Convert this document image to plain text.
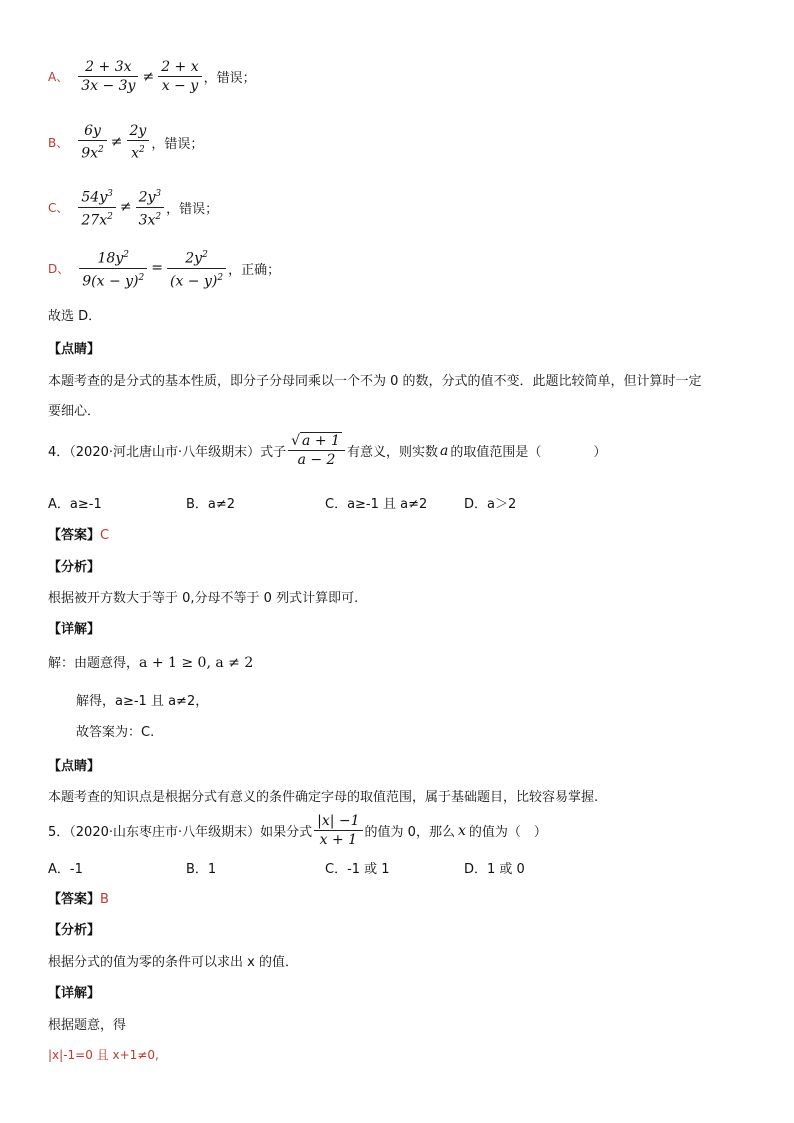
A、 $\frac{2 + 3x}{3x - 3y} \ne \frac{2 + x}{x - y}$ ，错误；
B、 $\frac{6y}{9x^2} \ne \frac{2y}{x^2}$ ，错误；
C、 $\frac{54y^3}{27x^2} \ne \frac{2y^3}{3x^2}$ ，错误；
D、 $\frac{18y^2}{9(x - y)^2} = \frac{2y^2}{(x - y)^2}$ ，正确；
故选 D．
【点睛】
本题考查的是分式的基本性质，即分子分母同乘以一个不为 0 的数，分式的值不变．此题比较简单，但计算时一定
要细心．
4．（2020·河北唐山市·八年级期末）式子 $\frac{√ a + 1}{a - 2}$ 有意义，则实数 a 的取值范围是（　　　　）
A．a≥-1	B．a≠2	C．a≥-1 且 a≠2	D．a＞2
【答案】C
【分析】
根据被开方数大于等于 0,分母不等于 0 列式计算即可.
【详解】
解：由题意得，a + 1 ≥ 0, a ≠ 2
解得，a≥-1 且 a≠2，
故答案为：C.
【点睛】
本题考查的知识点是根据分式有意义的条件确定字母的取值范围，属于基础题目，比较容易掌握.
5．（2020·山东枣庄市·八年级期末）如果分式 $\frac{|x| -1}{x + 1}$ 的值为 0，那么 x 的值为（　）
A．-1	B．1	C．-1 或 1	D．1 或 0
【答案】B
【分析】
根据分式的值为零的条件可以求出 x 的值．
【详解】
根据题意，得
|x|-1=0 且 x+1≠0,
